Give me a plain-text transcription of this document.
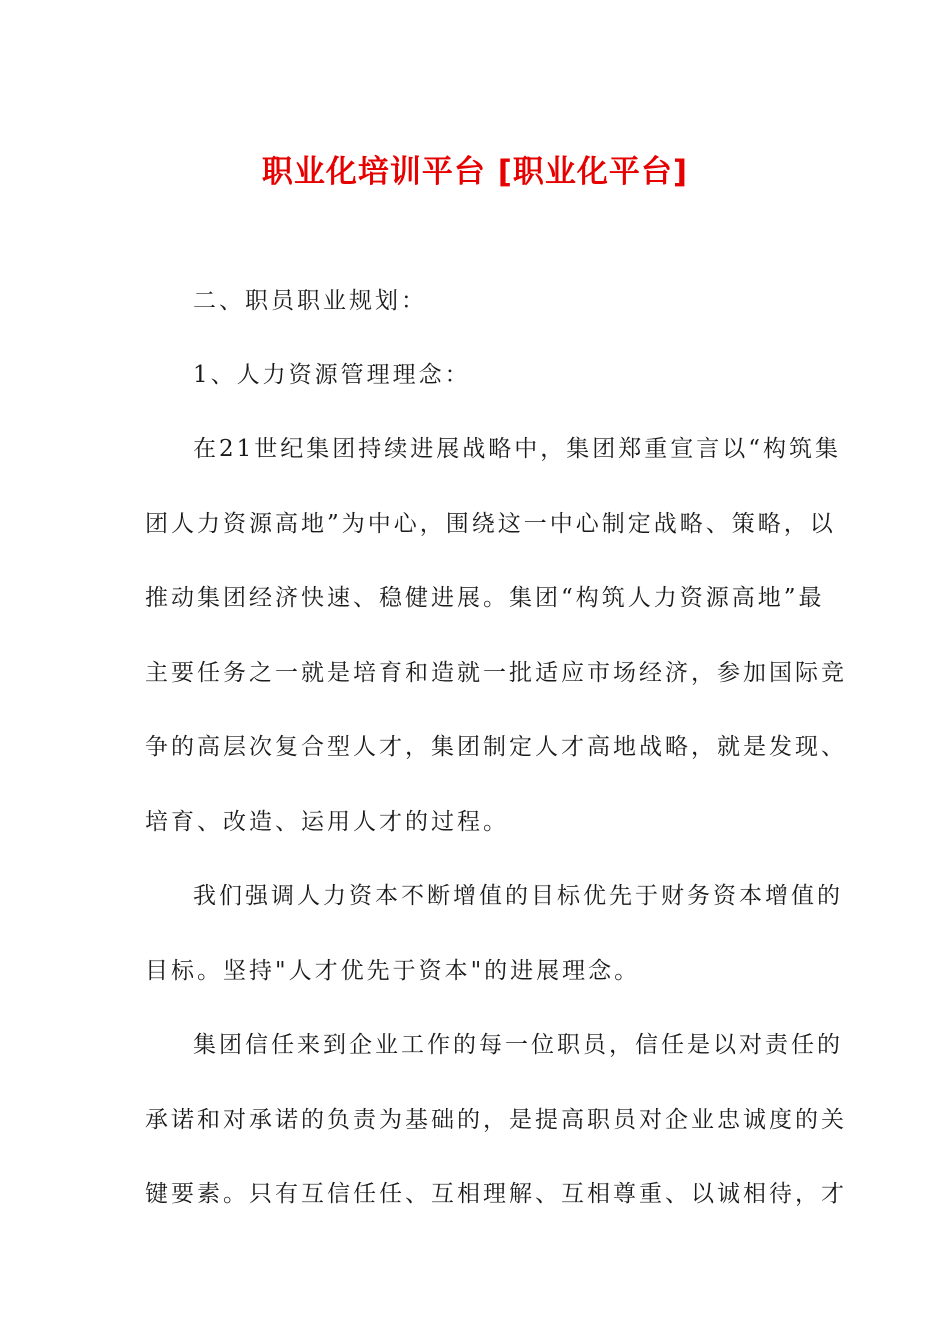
职业化培训平台 [职业化平台]

二、职员职业规划：

1、人力资源管理理念：

在21世纪集团持续进展战略中，集团郑重宣言以“构筑集

团人力资源高地”为中心，围绕这一中心制定战略、策略，以

推动集团经济快速、稳健进展。集团“构筑人力资源高地”最

主要任务之一就是培育和造就一批适应市场经济，参加国际竞

争的高层次复合型人才，集团制定人才高地战略，就是发现、

培育、改造、运用人才的过程。

我们强调人力资本不断增值的目标优先于财务资本增值的

目标。坚持"人才优先于资本"的进展理念。

集团信任来到企业工作的每一位职员，信任是以对责任的

承诺和对承诺的负责为基础的，是提高职员对企业忠诚度的关

键要素。只有互信任任、互相理解、互相尊重、以诚相待，才
